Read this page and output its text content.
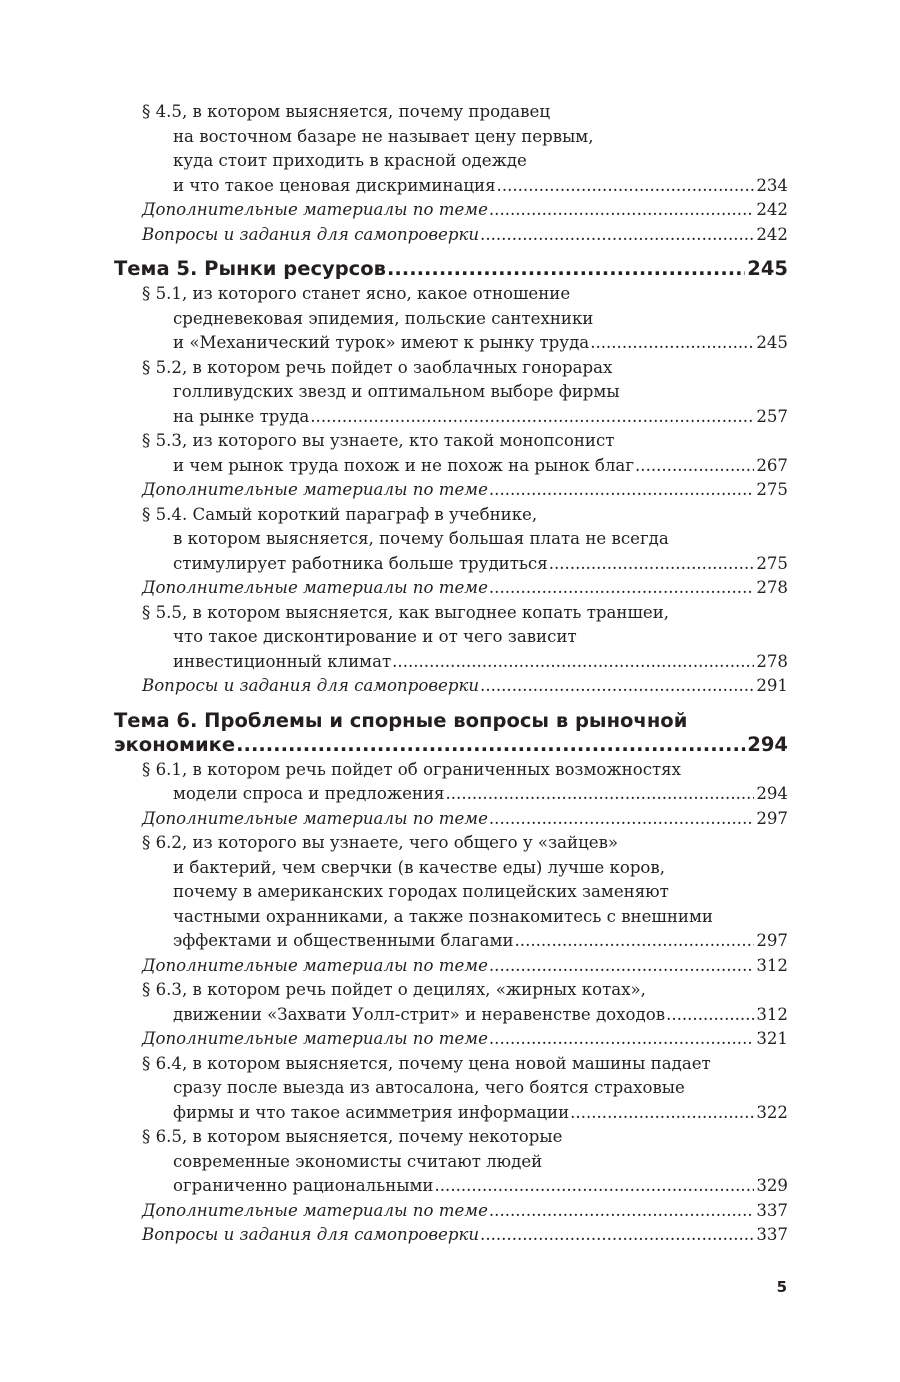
§ 4.5, в котором выясняется, почему продавец
на восточном базаре не называет цену первым,
куда стоит приходить в красной одежде
и что такое ценовая дискриминация .....	234
Дополнительные материалы по теме .....	242
Вопросы и задания для самопроверки .....	242
Тема 5. Рынки ресурсов .....	245
§ 5.1, из которого станет ясно, какое отношение
средневековая эпидемия, польские сантехники
и «Механический турок» имеют к рынку труда .....	245
§ 5.2, в котором речь пойдет о заоблачных гонорарах
голливудских звезд и оптимальном выборе фирмы
на рынке труда .....	257
§ 5.3, из которого вы узнаете, кто такой монопсонист
и чем рынок труда похож и не похож на рынок благ .....	267
Дополнительные материалы по теме .....	275
§ 5.4. Самый короткий параграф в учебнике,
в котором выясняется, почему большая плата не всегда
стимулирует работника больше трудиться .....	275
Дополнительные материалы по теме .....	278
§ 5.5, в котором выясняется, как выгоднее копать траншеи,
что такое дисконтирование и от чего зависит
инвестиционный климат .....	278
Вопросы и задания для самопроверки .....	291
Тема 6. Проблемы и спорные вопросы в рыночной
экономике .....	294
§ 6.1, в котором речь пойдет об ограниченных возможностях
модели спроса и предложения .....	294
Дополнительные материалы по теме .....	297
§ 6.2, из которого вы узнаете, чего общего у «зайцев»
и бактерий, чем сверчки (в качестве еды) лучше коров,
почему в американских городах полицейских заменяют
частными охранниками, а также познакомитесь с внешними
эффектами и общественными благами .....	297
Дополнительные материалы по теме .....	312
§ 6.3, в котором речь пойдет о децилях, «жирных котах»,
движении «Захвати Уолл-стрит» и неравенстве доходов .....	312
Дополнительные материалы по теме .....	321
§ 6.4, в котором выясняется, почему цена новой машины падает
сразу после выезда из автосалона, чего боятся страховые
фирмы и что такое асимметрия информации .....	322
§ 6.5, в котором выясняется, почему некоторые
современные экономисты считают людей
ограниченно рациональными .....	329
Дополнительные материалы по теме .....	337
Вопросы и задания для самопроверки .....	337
5
